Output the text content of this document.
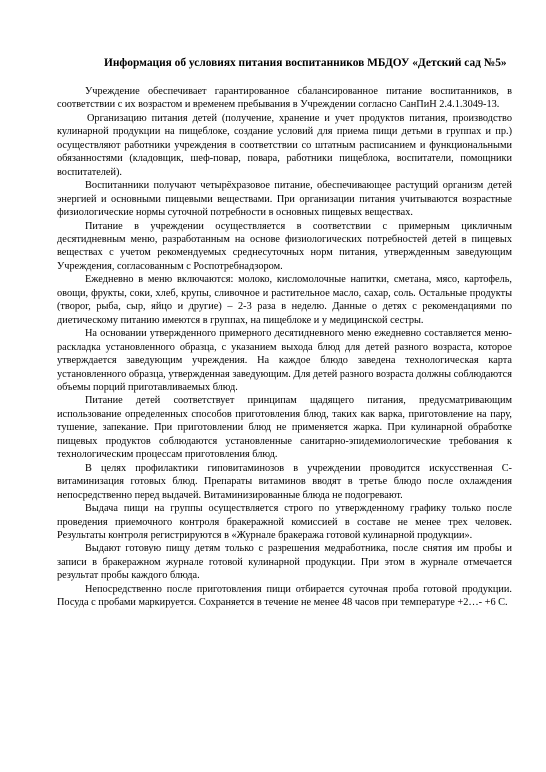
Информация об условиях питания воспитанников МБДОУ «Детский сад №5»

Учреждение обеспечивает гарантированное сбалансированное питание воспитанников, в соответствии с их возрастом и временем пребывания в Учреждении согласно СанПиН 2.4.1.3049-13.

Организацию питания детей (получение, хранение и учет продуктов питания, производство кулинарной продукции на пищеблоке, создание условий для приема пищи детьми в группах и пр.) осуществляют работники учреждения в соответствии со штатным расписанием и функциональными обязанностями (кладовщик, шеф-повар, повара, работники пищеблока, воспитатели, помощники воспитателей).

Воспитанники получают четырёхразовое питание, обеспечивающее растущий организм детей энергией и основными пищевыми веществами. При организации питания учитываются возрастные физиологические нормы суточной потребности в основных пищевых веществах.

Питание в учреждении осуществляется в соответствии с примерным цикличным десятидневным меню, разработанным на основе физиологических потребностей детей в пищевых веществах с учетом рекомендуемых среднесуточных норм питания, утвержденным заведующим Учреждения, согласованным с Роспотребнадзором.

Ежедневно в меню включаются: молоко, кисломолочные напитки, сметана, мясо, картофель, овощи, фрукты, соки, хлеб, крупы, сливочное и растительное масло, сахар, соль. Остальные продукты (творог, рыба, сыр, яйцо и другие) – 2-3 раза в неделю. Данные о детях с рекомендациями по диетическому питанию имеются в группах, на пищеблоке и у медицинской сестры.

На основании утвержденного примерного десятидневного меню ежедневно составляется меню-раскладка установленного образца, с указанием выхода блюд для детей разного возраста, которое утверждается заведующим учреждения. На каждое блюдо заведена технологическая карта установленного образца, утвержденная заведующим. Для детей разного возраста должны соблюдаются объемы порций приготавливаемых блюд.

Питание детей соответствует принципам щадящего питания, предусматривающим использование определенных способов приготовления блюд, таких как варка, приготовление на пару, тушение, запекание. При приготовлении блюд не применяется жарка. При кулинарной обработке пищевых продуктов соблюдаются установленные санитарно-эпидемиологические требования к технологическим процессам приготовления блюд.

В целях профилактики гиповитаминозов в учреждении проводится искусственная С-витаминизация готовых блюд. Препараты витаминов вводят в третье блюдо после охлаждения непосредственно перед выдачей. Витаминизированные блюда не подогревают.

Выдача пищи на группы осуществляется строго по утвержденному графику только после проведения приемочного контроля бракеражной комиссией в составе не менее трех человек. Результаты контроля регистрируются в «Журнале бракеража готовой кулинарной продукции».

Выдают готовую пищу детям только с разрешения медработника, после снятия им пробы и записи в бракеражном журнале готовой кулинарной продукции. При этом в журнале отмечается результат пробы каждого блюда.

Непосредственно после приготовления пищи отбирается суточная проба готовой продукции. Посуда с пробами маркируется. Сохраняется в течение не менее 48 часов при температуре +2…- +6 С.
